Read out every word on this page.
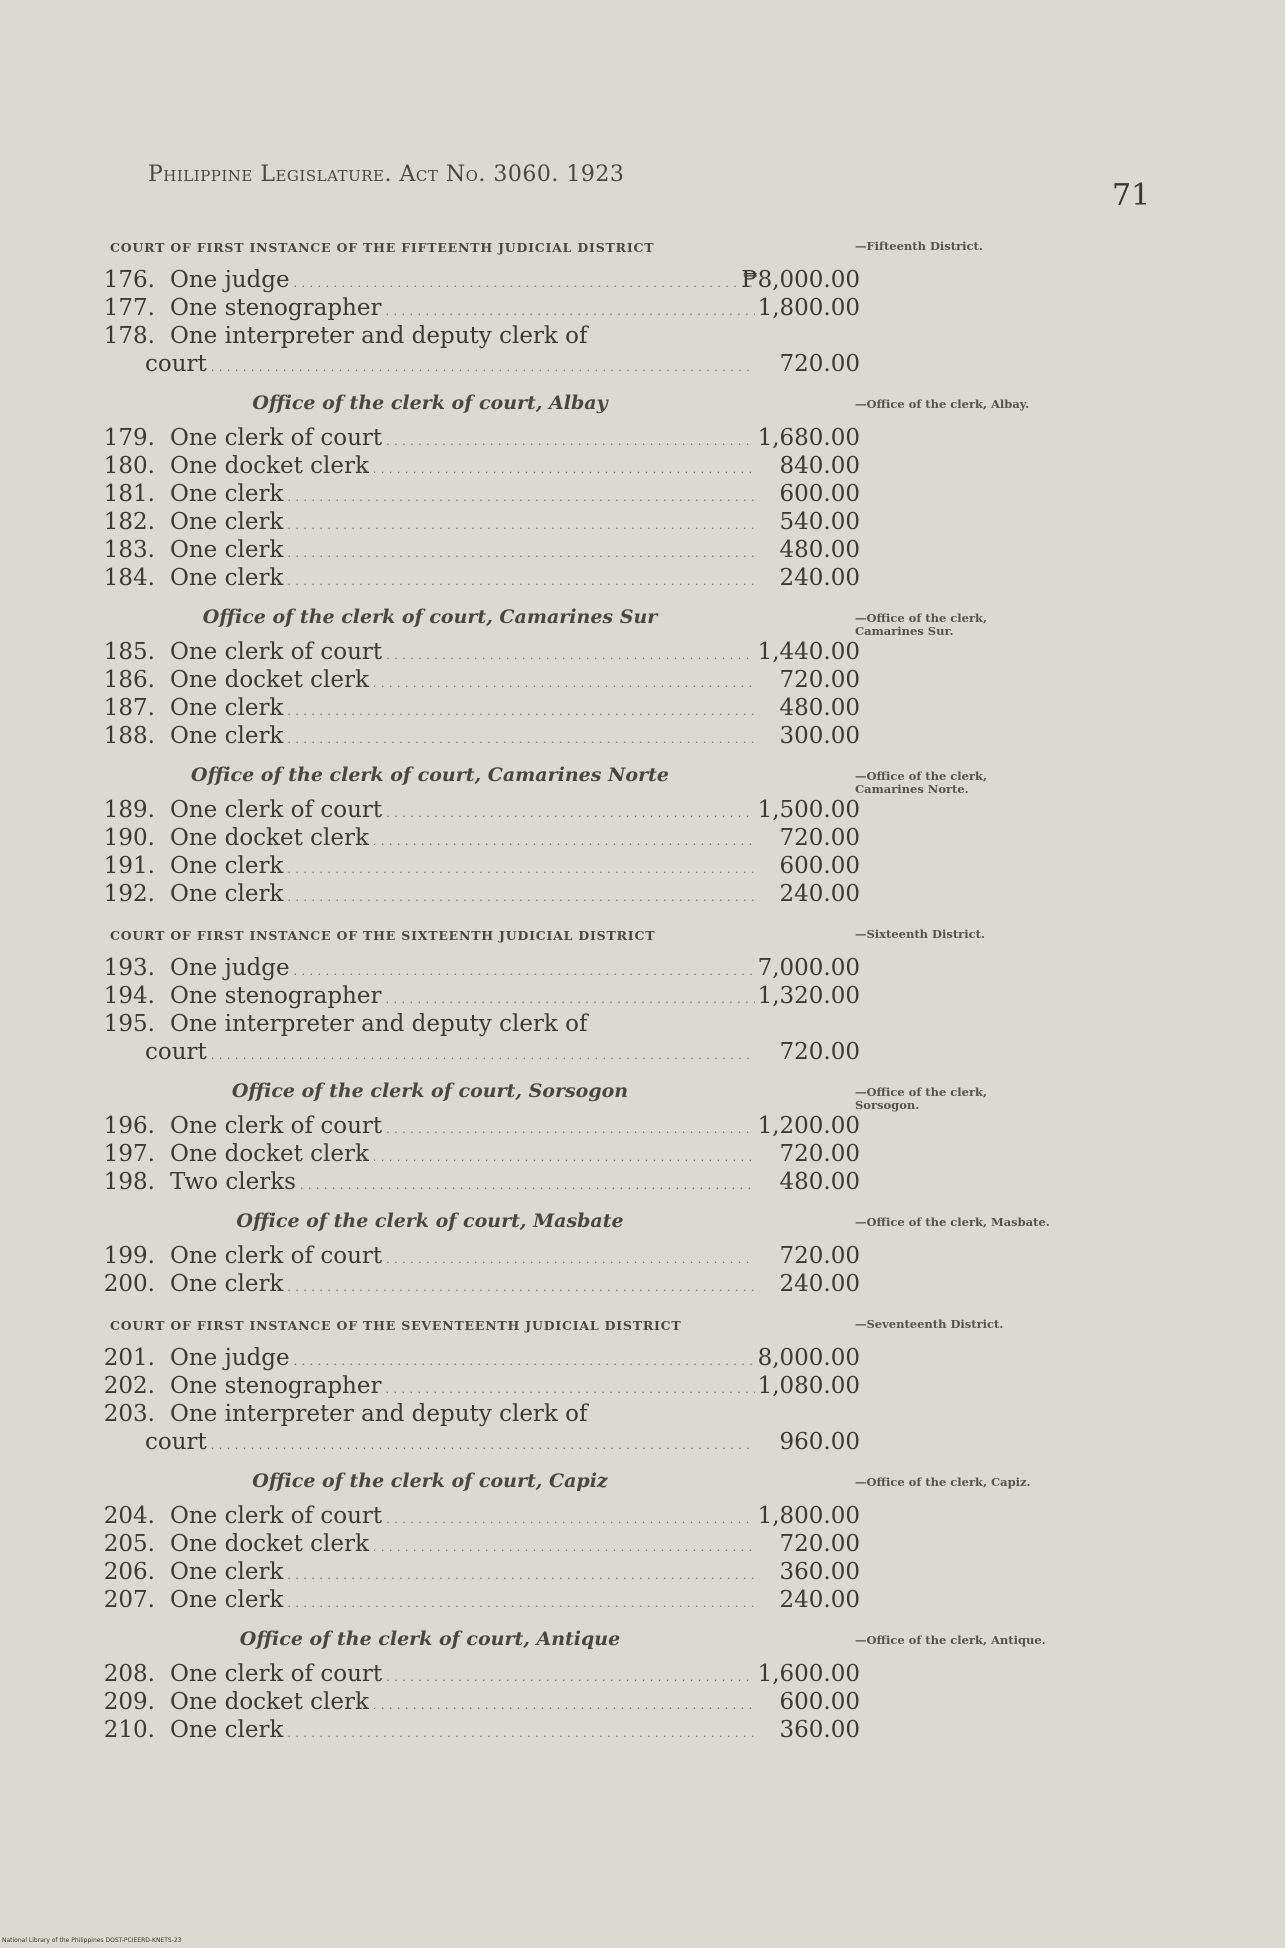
Philippine Legislature. Act No. 3060. 1923
71
COURT OF FIRST INSTANCE OF THE FIFTEENTH JUDICIAL DISTRICT	—Fifteenth District.
176. One judge . . .	₱8,000.00
177. One stenographer . . .	1,800.00
178. One interpreter and deputy clerk of
court . . .	720.00
Office of the clerk of court, Albay	—Office of the clerk, Albay.
179. One clerk of court . . .	1,680.00
180. One docket clerk . . .	840.00
181. One clerk . . .	600.00
182. One clerk . . .	540.00
183. One clerk . . .	480.00
184. One clerk . . .	240.00
Office of the clerk of court, Camarines Sur	—Office of the clerk, Camarines Sur.
185. One clerk of court . . .	1,440.00
186. One docket clerk . . .	720.00
187. One clerk . . .	480.00
188. One clerk . . .	300.00
Office of the clerk of court, Camarines Norte	—Office of the clerk, Camarines Norte.
189. One clerk of court . . .	1,500.00
190. One docket clerk . . .	720.00
191. One clerk . . .	600.00
192. One clerk . . .	240.00
COURT OF FIRST INSTANCE OF THE SIXTEENTH JUDICIAL DISTRICT	—Sixteenth District.
193. One judge . . .	7,000.00
194. One stenographer . . .	1,320.00
195. One interpreter and deputy clerk of
court . . .	720.00
Office of the clerk of court, Sorsogon	—Office of the clerk, Sorsogon.
196. One clerk of court . . .	1,200.00
197. One docket clerk . . .	720.00
198. Two clerks . . .	480.00
Office of the clerk of court, Masbate	—Office of the clerk, Masbate.
199. One clerk of court . . .	720.00
200. One clerk . . .	240.00
COURT OF FIRST INSTANCE OF THE SEVENTEENTH JUDICIAL DISTRICT	—Seventeenth District.
201. One judge . . .	8,000.00
202. One stenographer . . .	1,080.00
203. One interpreter and deputy clerk of
court . . .	960.00
Office of the clerk of court, Capiz	—Office of the clerk, Capiz.
204. One clerk of court . . .	1,800.00
205. One docket clerk . . .	720.00
206. One clerk . . .	360.00
207. One clerk . . .	240.00
Office of the clerk of court, Antique	—Office of the clerk, Antique.
208. One clerk of court . . .	1,600.00
209. One docket clerk . . .	600.00
210. One clerk . . .	360.00
National Library of the Philippines DOST-PCIEERD-KNETS-23
